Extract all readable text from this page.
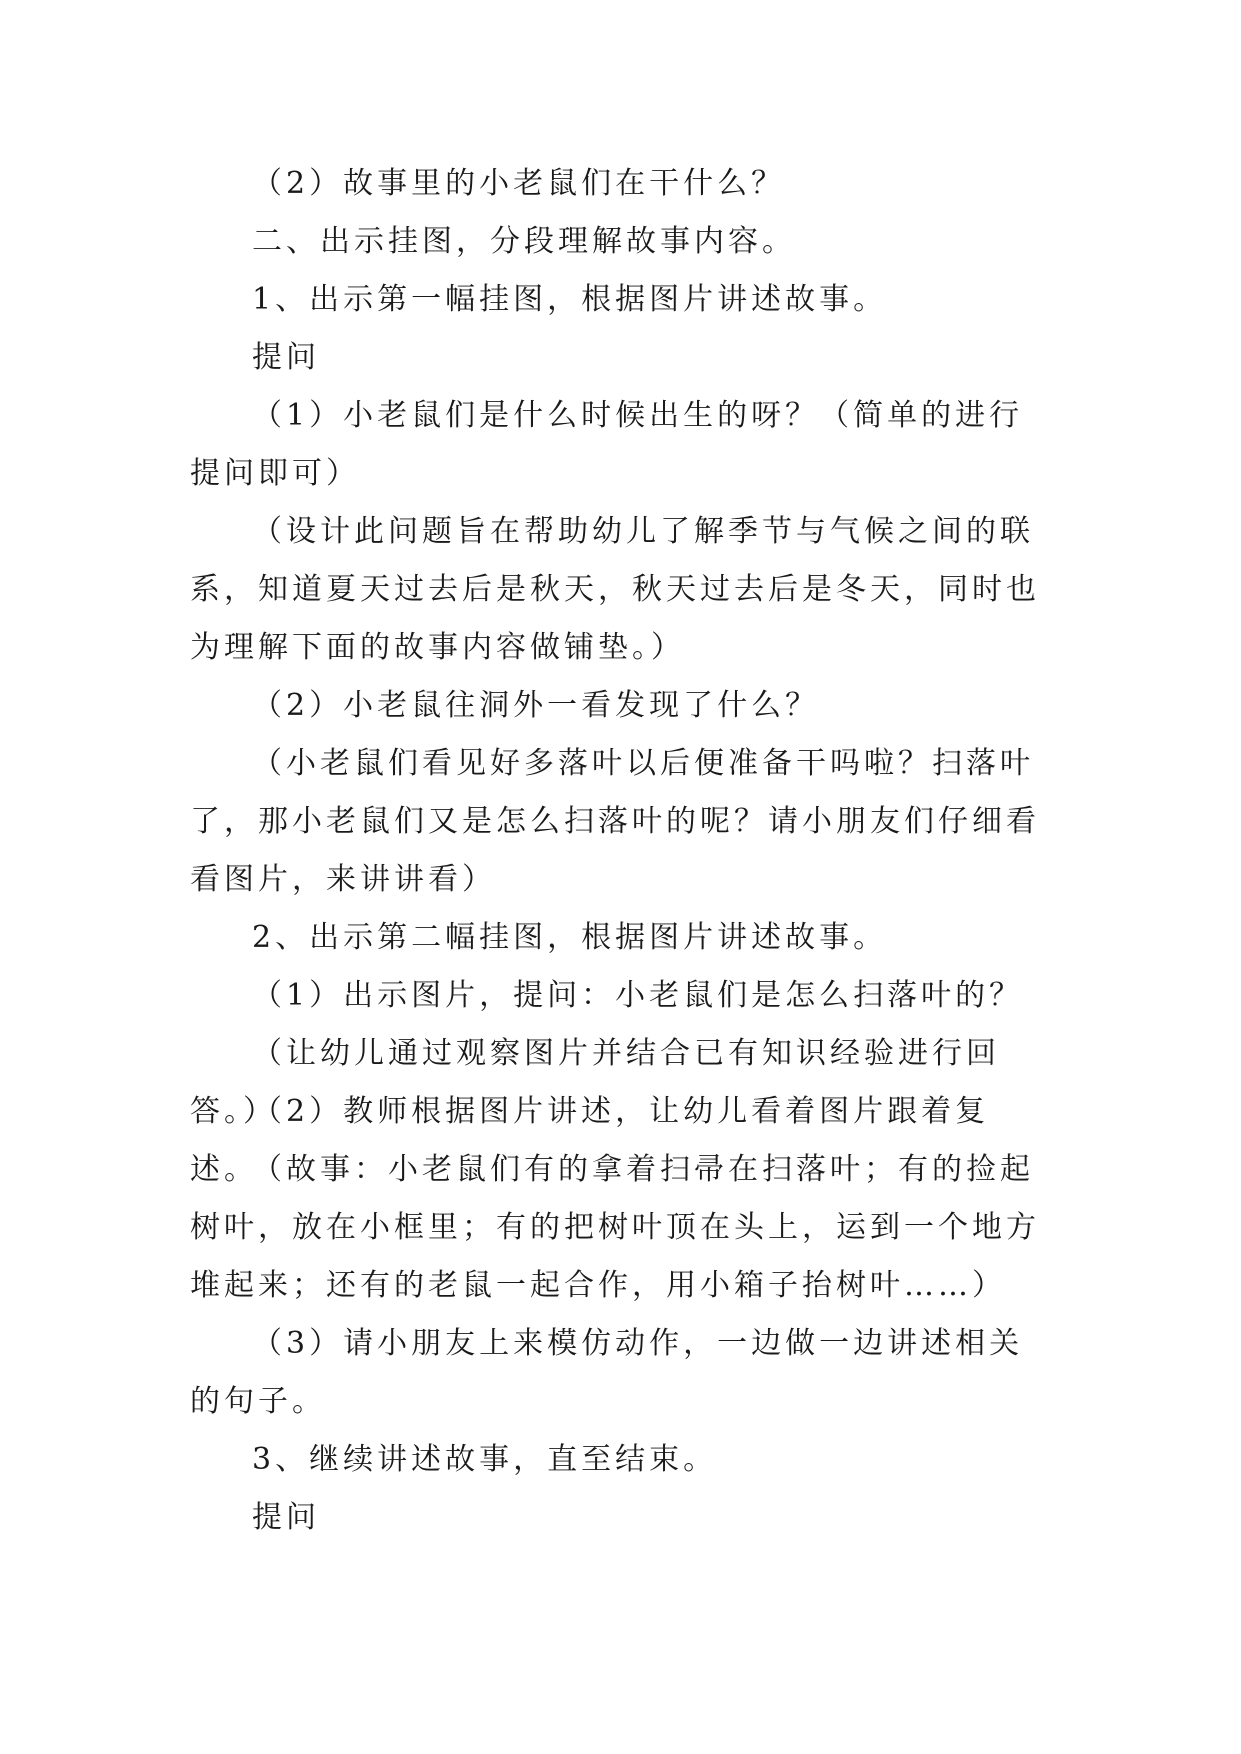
（2）故事里的小老鼠们在干什么？

二、出示挂图，分段理解故事内容。

1、出示第一幅挂图，根据图片讲述故事。

提问

（1）小老鼠们是什么时候出生的呀？（简单的进行提问即可）

（设计此问题旨在帮助幼儿了解季节与气候之间的联系，知道夏天过去后是秋天，秋天过去后是冬天，同时也为理解下面的故事内容做铺垫。）

（2）小老鼠往洞外一看发现了什么？

（小老鼠们看见好多落叶以后便准备干吗啦？扫落叶了，那小老鼠们又是怎么扫落叶的呢？请小朋友们仔细看看图片，来讲讲看）

2、出示第二幅挂图，根据图片讲述故事。

（1）出示图片，提问：小老鼠们是怎么扫落叶的？

（让幼儿通过观察图片并结合已有知识经验进行回答。）

（2）教师根据图片讲述，让幼儿看着图片跟着复述。

（故事：小老鼠们有的拿着扫帚在扫落叶；有的捡起树叶，放在小框里；有的把树叶顶在头上，运到一个地方堆起来；还有的老鼠一起合作，用小箱子抬树叶……）

（3）请小朋友上来模仿动作，一边做一边讲述相关的句子。

3、继续讲述故事，直至结束。

提问
